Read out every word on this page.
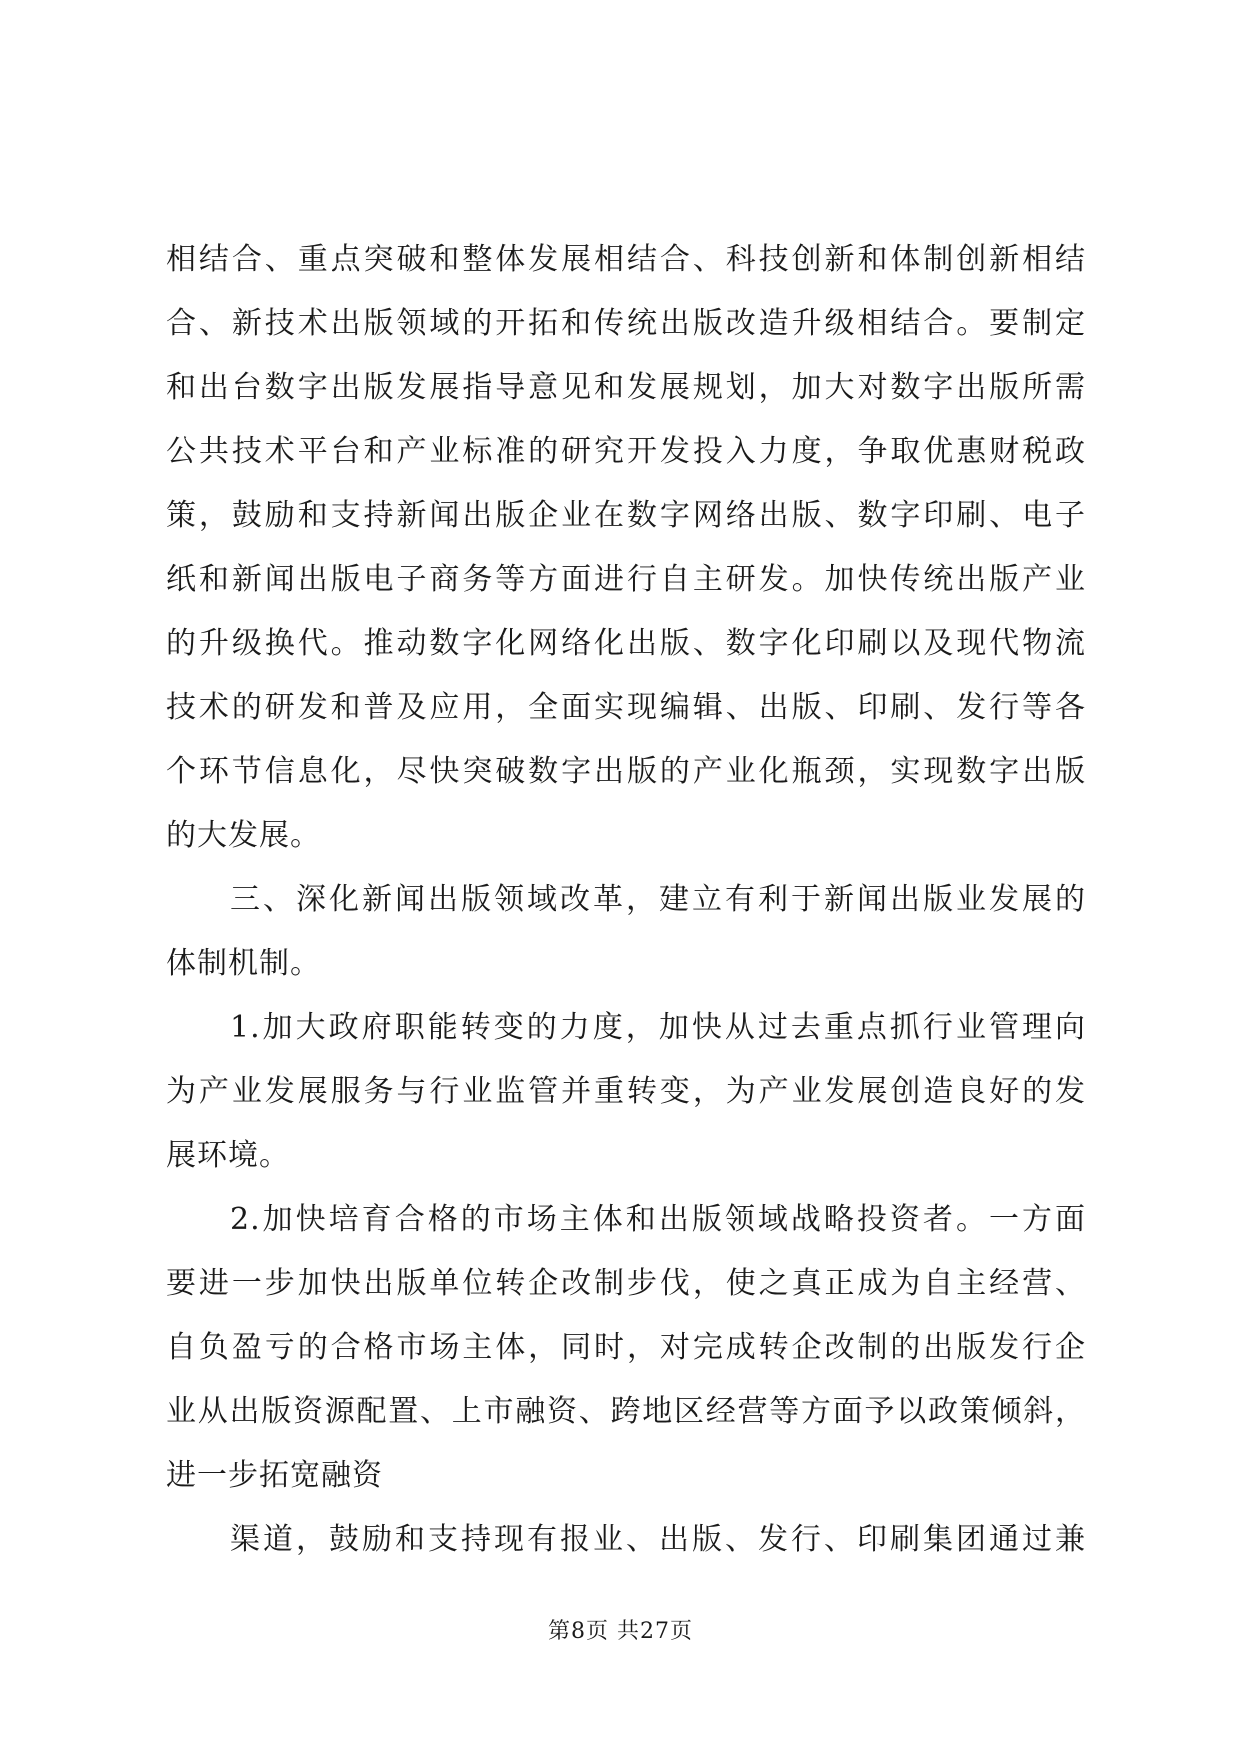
相结合、重点突破和整体发展相结合、科技创新和体制创新相结
合、新技术出版领域的开拓和传统出版改造升级相结合。要制定
和出台数字出版发展指导意见和发展规划，加大对数字出版所需
公共技术平台和产业标准的研究开发投入力度，争取优惠财税政
策，鼓励和支持新闻出版企业在数字网络出版、数字印刷、电子
纸和新闻出版电子商务等方面进行自主研发。加快传统出版产业
的升级换代。推动数字化网络化出版、数字化印刷以及现代物流
技术的研发和普及应用，全面实现编辑、出版、印刷、发行等各
个环节信息化，尽快突破数字出版的产业化瓶颈，实现数字出版
的大发展。
三、深化新闻出版领域改革，建立有利于新闻出版业发展的
体制机制。
1.加大政府职能转变的力度，加快从过去重点抓行业管理向
为产业发展服务与行业监管并重转变，为产业发展创造良好的发
展环境。
2.加快培育合格的市场主体和出版领域战略投资者。一方面
要进一步加快出版单位转企改制步伐，使之真正成为自主经营、
自负盈亏的合格市场主体，同时，对完成转企改制的出版发行企
业从出版资源配置、上市融资、跨地区经营等方面予以政策倾斜，
进一步拓宽融资
渠道，鼓励和支持现有报业、出版、发行、印刷集团通过兼
第8页 共27页
